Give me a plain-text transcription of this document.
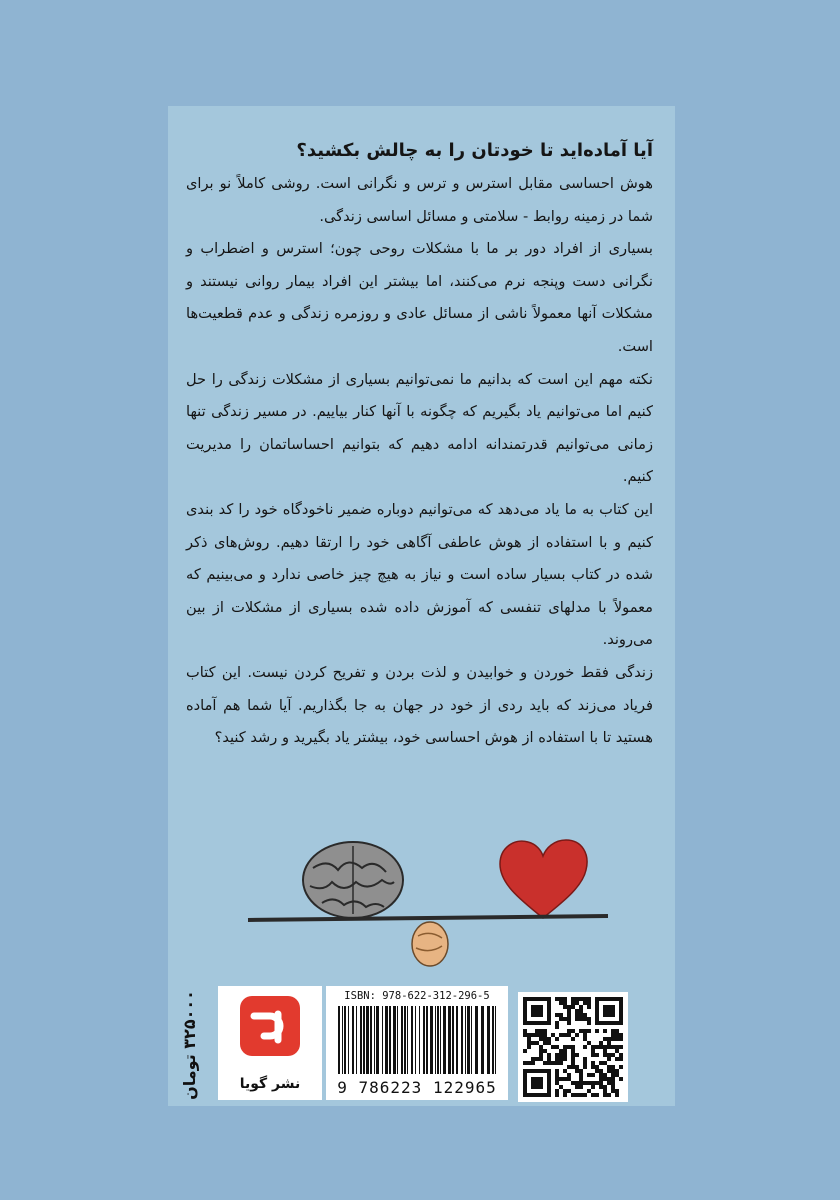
آیا آماده‌اید تا خودتان را به چالش بکشید؟

هوش احساسی مقابل استرس و ترس و نگرانی است. روشی کاملاً نو برای شما در زمینه روابط - سلامتی و مسائل اساسی زندگی.

بسیاری از افراد دور بر ما با مشکلات روحی چون؛ استرس و اضطراب و نگرانی دست وپنجه نرم می‌کنند، اما بیشتر این افراد بیمار روانی نیستند و مشکلات آنها معمولاً ناشی از مسائل عادی و روزمره زندگی و عدم قطعیت‌ها است.

نکته مهم این است که بدانیم ما نمی‌توانیم بسیاری از مشکلات زندگی را حل کنیم اما می‌توانیم یاد بگیریم که چگونه با آنها کنار بیاییم. در مسیر زندگی تنها زمانی می‌توانیم قدرتمندانه ادامه دهیم که بتوانیم احساساتمان را مدیریت کنیم.

این کتاب به ما یاد می‌دهد که می‌توانیم دوباره ضمیر ناخودگاه خود را کد بندی کنیم و با استفاده از هوش عاطفی آگاهی خود را ارتقا دهیم. روش‌های ذکر شده در کتاب بسیار ساده است و نیاز به هیچ چیز خاصی ندارد و می‌بینیم که معمولاً با مدلهای تنفسی که آموزش داده شده بسیاری از مشکلات از بین می‌روند.

زندگی فقط خوردن و خوابیدن و لذت بردن و تفریح کردن نیست. این کتاب فریاد می‌زند که باید ردی از خود در جهان به جا بگذاریم. آیا شما هم آماده هستید تا با استفاده از هوش احساسی خود، بیشتر یاد بگیرید و رشد کنید؟

۳۲۵۰۰۰ تومان
نشر گویا
ISBN: 978-622-312-296-5
9 786223 122965
